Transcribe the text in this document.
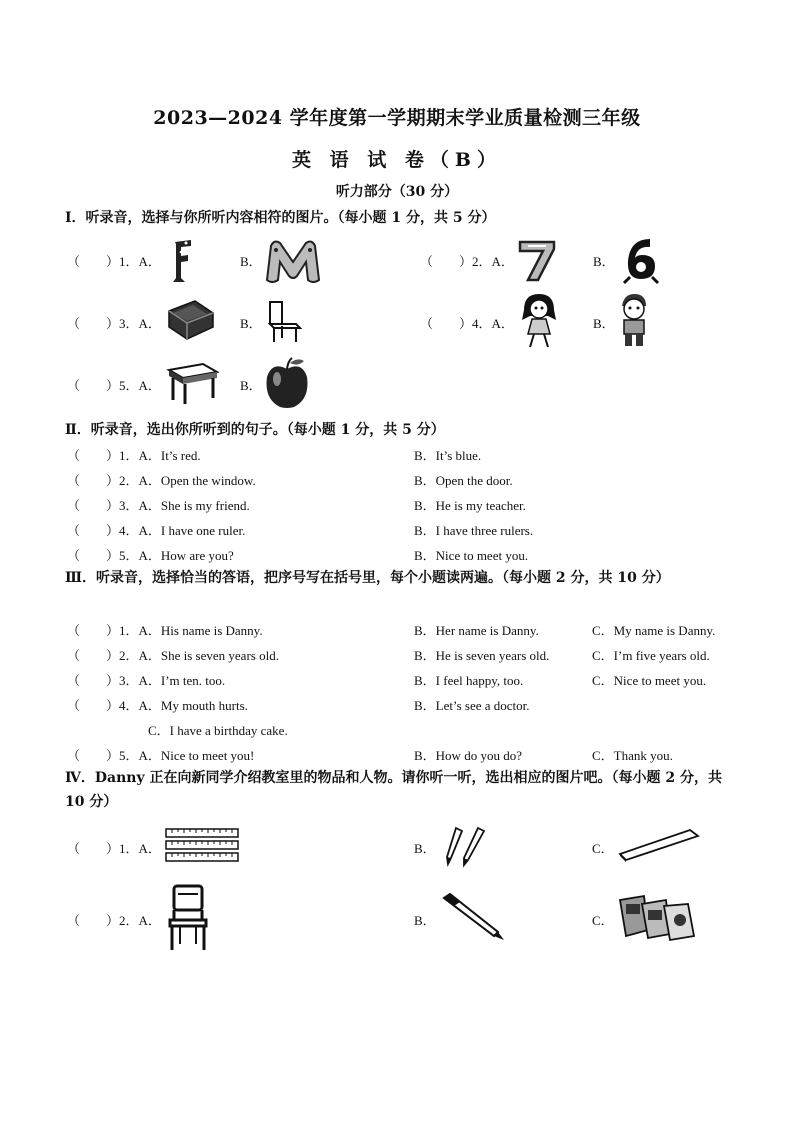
2023—2024 学年度第一学期期末学业质量检测三年级
英 语 试 卷（B）
听力部分（30 分）
Ⅰ．听录音，选择与你所听内容相符的图片。（每小题 1 分，共 5 分）
（　　）1．A．	B．	（　　）2．A．	B．
（　　）3．A．	B．	（　　）4．A．	B．
（　　）5．A．	B．
Ⅱ．听录音，选出你所听到的句子。（每小题 1 分，共 5 分）
（　　）1．A．It’s red.	B．It’s blue.
（　　）2．A．Open the window.	B．Open the door.
（　　）3．A．She is my friend.	B．He is my teacher.
（　　）4．A．I have one ruler.	B．I have three rulers.
（　　）5．A．How are you?	B．Nice to meet you.
Ⅲ．听录音，选择恰当的答语，把序号写在括号里，每个小题读两遍。（每小题 2 分，共 10 分）
（　　）1．A．His name is Danny.	B．Her name is Danny.	C．My name is Danny.
（　　）2．A．She is seven years old.	B．He is seven years old.	C．I’m five years old.
（　　）3．A．I’m ten. too.	B．I feel happy, too.	C．Nice to meet you.
（　　）4．A．My mouth hurts.	B．Let’s see a doctor.
C．I have a birthday cake.
（　　）5．A．Nice to meet you!	B．How do you do?	C．Thank you.
Ⅳ．Danny 正在向新同学介绍教室里的物品和人物。请你听一听，选出相应的图片吧。（每小题 2 分，共 10 分）
（　　）1．A．	B．	C．
（　　）2．A．	B．	C．
